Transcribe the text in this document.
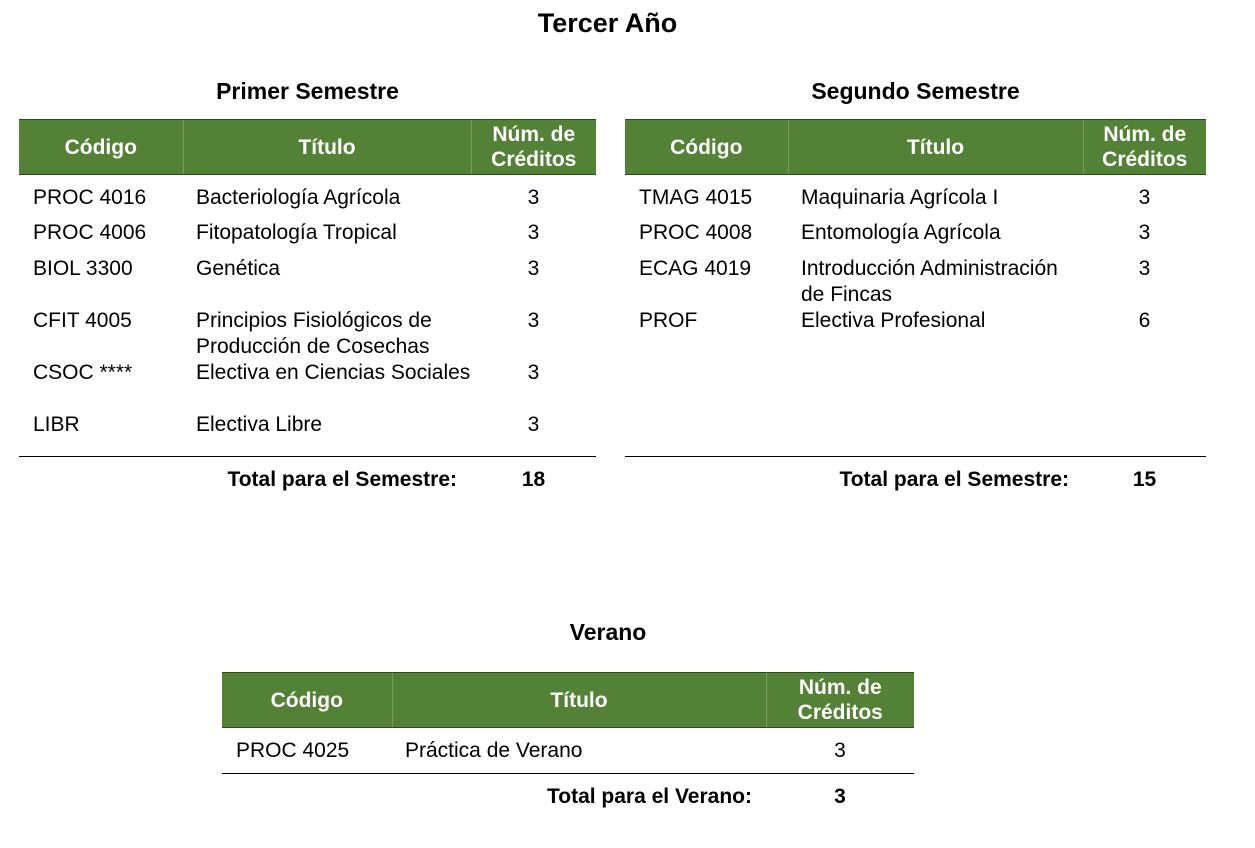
Tercer Año
Primer Semestre
Código	Título	Núm. de
Créditos
PROC 4016	Bacteriología Agrícola	3
PROC 4006	Fitopatología Tropical	3
BIOL 3300	Genética	3
CFIT 4005	Principios Fisiológicos de Producción de Cosechas	3
CSOC ****	Electiva en Ciencias Sociales	3
LIBR	Electiva Libre	3
Total para el Semestre:		18
Segundo Semestre
Código	Título	Núm. de
Créditos
TMAG 4015	Maquinaria Agrícola I	3
PROC 4008	Entomología Agrícola	3
ECAG 4019	Introducción Administración de Fincas	3
PROF	Electiva Profesional	6
Total para el Semestre:		15
Verano
Código	Título	Núm. de
Créditos
PROC 4025	Práctica de Verano	3
Total para el Verano:		3
